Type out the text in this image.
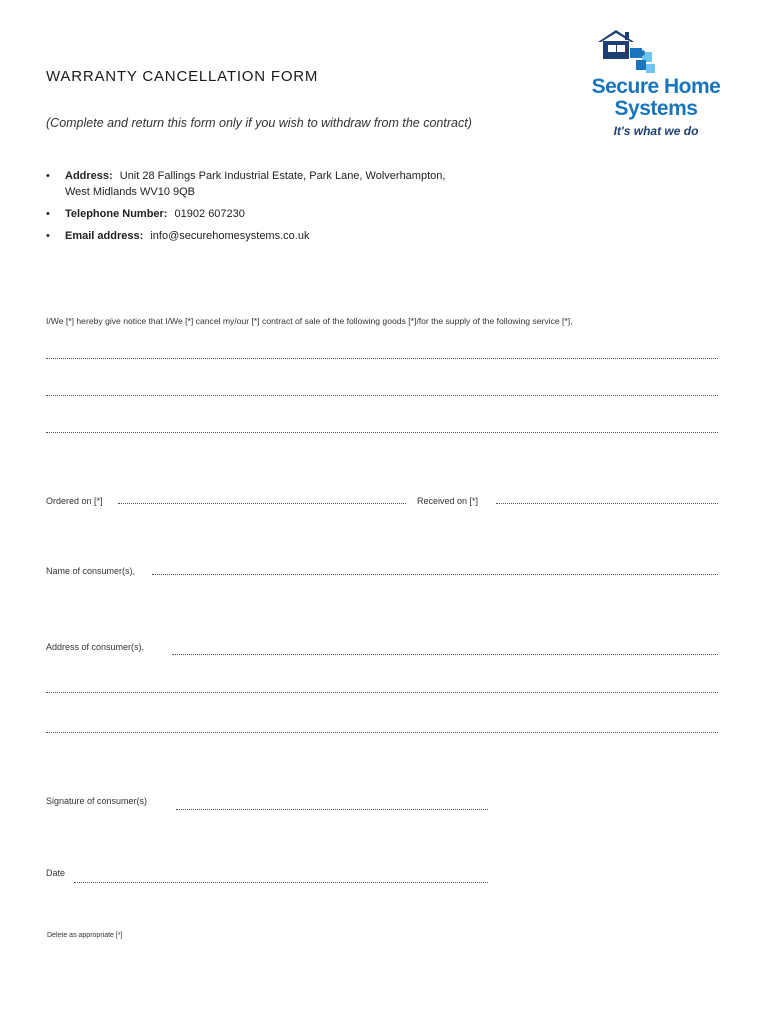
WARRANTY CANCELLATION FORM
(Complete and return this form only if you wish to withdraw from the contract)
Secure Home
Systems
It's what we do
• Address: Unit 28 Fallings Park Industrial Estate, Park Lane, Wolverhampton,
West Midlands WV10 9QB
• Telephone Number: 01902 607230
• Email address: info@securehomesystems.co.uk
I/We [*] hereby give notice that I/We [*] cancel my/our [*] contract of sale of the following goods [*]/for the supply of the following service [*],
Ordered on [*]	Received on [*]
Name of consumer(s),
Address of consumer(s),
Signature of consumer(s)
Date
Delete as appropriate [*]
